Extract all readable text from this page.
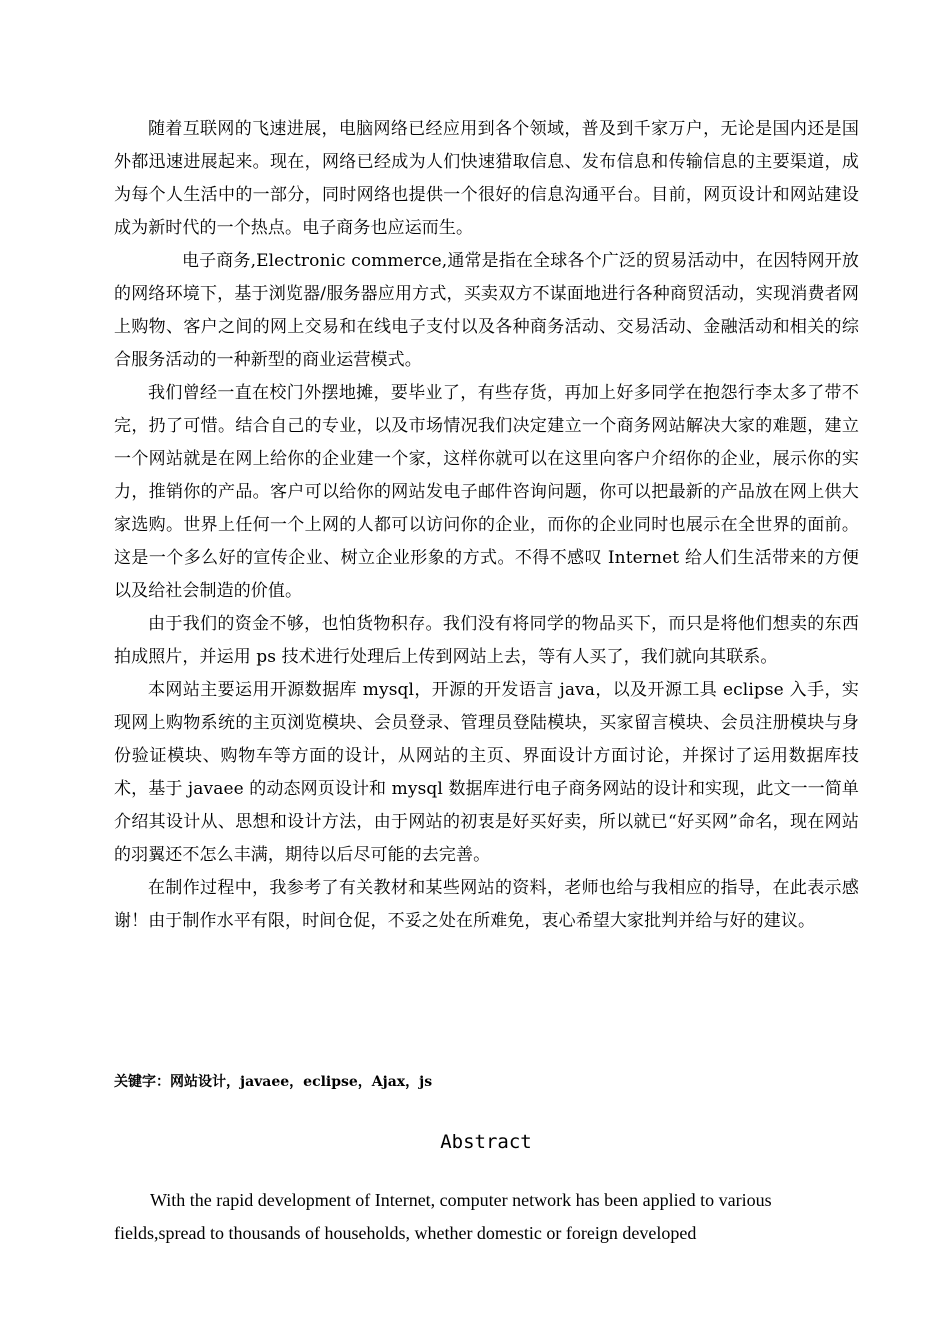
随着互联网的飞速进展，电脑网络已经应用到各个领域，普及到千家万户，无论是国内还是国外都迅速进展起来。现在，网络已经成为人们快速猎取信息、发布信息和传输信息的主要渠道，成为每个人生活中的一部分，同时网络也提供一个很好的信息沟通平台。目前，网页设计和网站建设成为新时代的一个热点。电子商务也应运而生。

电子商务,Electronic commerce,通常是指在全球各个广泛的贸易活动中，在因特网开放的网络环境下，基于浏览器/服务器应用方式，买卖双方不谋面地进行各种商贸活动，实现消费者网上购物、客户之间的网上交易和在线电子支付以及各种商务活动、交易活动、金融活动和相关的综合服务活动的一种新型的商业运营模式。

我们曾经一直在校门外摆地摊，要毕业了，有些存货，再加上好多同学在抱怨行李太多了带不完，扔了可惜。结合自己的专业，以及市场情况我们决定建立一个商务网站解决大家的难题，建立一个网站就是在网上给你的企业建一个家，这样你就可以在这里向客户介绍你的企业，展示你的实力，推销你的产品。客户可以给你的网站发电子邮件咨询问题，你可以把最新的产品放在网上供大家选购。世界上任何一个上网的人都可以访问你的企业，而你的企业同时也展示在全世界的面前。这是一个多么好的宣传企业、树立企业形象的方式。不得不感叹 Internet 给人们生活带来的方便以及给社会制造的价值。

由于我们的资金不够，也怕货物积存。我们没有将同学的物品买下，而只是将他们想卖的东西拍成照片，并运用 ps 技术进行处理后上传到网站上去，等有人买了，我们就向其联系。

本网站主要运用开源数据库 mysql，开源的开发语言 java，以及开源工具 eclipse 入手，实现网上购物系统的主页浏览模块、会员登录、管理员登陆模块，买家留言模块、会员注册模块与身份验证模块、购物车等方面的设计，从网站的主页、界面设计方面讨论，并探讨了运用数据库技术，基于 javaee 的动态网页设计和 mysql 数据库进行电子商务网站的设计和实现，此文一一简单介绍其设计从、思想和设计方法，由于网站的初衷是好买好卖，所以就已“好买网”命名，现在网站的羽翼还不怎么丰满，期待以后尽可能的去完善。

在制作过程中，我参考了有关教材和某些网站的资料，老师也给与我相应的指导，在此表示感谢！由于制作水平有限，时间仓促，不妥之处在所难免，衷心希望大家批判并给与好的建议。

关键字：网站设计，javaee，eclipse，Ajax，js
Abstract

With the rapid development of Internet, computer network has been applied to various fields,spread to thousands of households, whether domestic or foreign developed
